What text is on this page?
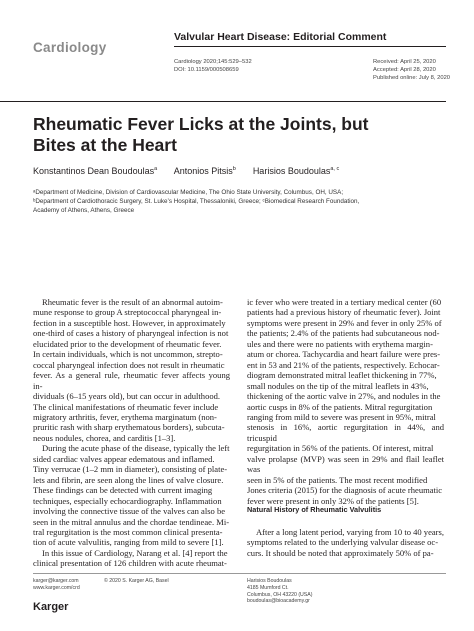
Cardiology
Valvular Heart Disease: Editorial Comment
Cardiology 2020;145:529–532
DOI: 10.1159/000508659
Received: April 25, 2020
Accepted: April 28, 2020
Published online: July 8, 2020
Rheumatic Fever Licks at the Joints, but
Bites at the Heart
Konstantinos Dean Boudoulas$^a$ Antonios Pitsis$^b$ Harisios Boudoulas$^{a, c}$
ᵃDepartment of Medicine, Division of Cardiovascular Medicine, The Ohio State University, Columbus, OH, USA;
ᵇDepartment of Cardiothoracic Surgery, St. Luke’s Hospital, Thessaloniki, Greece; ᶜBiomedical Research Foundation,
Academy of Athens, Athens, Greece
Rheumatic fever is the result of an abnormal autoim-
mune response to group A streptococcal pharyngeal in-
fection in a susceptible host. However, in approximately
one-third of cases a history of pharyngeal infection is not
elucidated prior to the development of rheumatic fever.
In certain individuals, which is not uncommon, strepto-
coccal pharyngeal infection does not result in rheumatic
fever. As a general rule, rheumatic fever affects young in-
dividuals (6–15 years old), but can occur in adulthood.
The clinical manifestations of rheumatic fever include
migratory arthritis, fever, erythema marginatum (non-
pruritic rash with sharp erythematous borders), subcuta-
neous nodules, chorea, and carditis [1–3].
During the acute phase of the disease, typically the left
sided cardiac valves appear edematous and inflamed.
Tiny verrucae (1–2 mm in diameter), consisting of plate-
lets and fibrin, are seen along the lines of valve closure.
These findings can be detected with current imaging
techniques, especially echocardiography. Inflammation
involving the connective tissue of the valves can also be
seen in the mitral annulus and the chordae tendineae. Mi-
tral regurgitation is the most common clinical presenta-
tion of acute valvulitis, ranging from mild to severe [1].
In this issue of Cardiology, Narang et al. [4] report the
clinical presentation of 126 children with acute rheumat-
ic fever who were treated in a tertiary medical center (60
patients had a previous history of rheumatic fever). Joint
symptoms were present in 29% and fever in only 25% of
the patients; 2.4% of the patients had subcutaneous nod-
ules and there were no patients with erythema margin-
atum or chorea. Tachycardia and heart failure were pres-
ent in 53 and 21% of the patients, respectively. Echocar-
diogram demonstrated mitral leaflet thickening in 77%,
small nodules on the tip of the mitral leaflets in 43%,
thickening of the aortic valve in 27%, and nodules in the
aortic cusps in 8% of the patients. Mitral regurgitation
ranging from mild to severe was present in 95%, mitral
stenosis in 16%, aortic regurgitation in 44%, and tricuspid
regurgitation in 56% of the patients. Of interest, mitral
valve prolapse (MVP) was seen in 29% and flail leaflet was
seen in 5% of the patients. The most recent modified
Jones criteria (2015) for the diagnosis of acute rheumatic
fever were present in only 32% of the patients [5].
Natural History of Rheumatic Valvulitis
After a long latent period, varying from 10 to 40 years,
symptoms related to the underlying valvular disease oc-
curs. It should be noted that approximately 50% of pa-
karger@karger.com
www.karger.com/crd
© 2020 S. Karger AG, Basel
Karger
Harisios Boudoulas
4185 Mumford Ct.
Columbus, OH 43220 (USA)
boudoulas@bioacademy.gr
